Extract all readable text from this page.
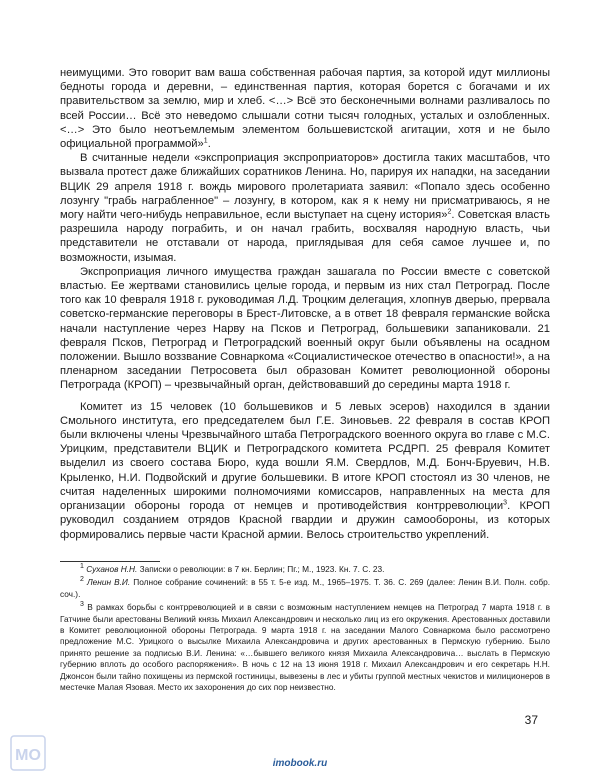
неимущими. Это говорит вам ваша собственная рабочая партия, за которой идут миллионы бедноты города и деревни, – единственная партия, которая борется с богачами и их правительством за землю, мир и хлеб. <…> Всё это бесконечными волнами разливалось по всей России… Всё это неведомо слышали сотни тысяч голодных, усталых и озлобленных. <…> Это было неотъемлемым элементом большевистской агитации, хотя и не было официальной программой»$^1$.

В считанные недели «экспроприация экспроприаторов» достигла таких масштабов, что вызвала протест даже ближайших соратников Ленина. Но, парируя их нападки, на заседании ВЦИК 29 апреля 1918 г. вождь мирового пролетариата заявил: «Попало здесь особенно лозунгу "грабь награбленное" – лозунгу, в котором, как я к нему ни присматриваюсь, я не могу найти чего-нибудь неправильное, если выступает на сцену история»$^2$. Советская власть разрешила народу пограбить, и он начал грабить, восхваляя народную власть, чьи представители не отставали от народа, приглядывая для себя самое лучшее и, по возможности, изымая.

Экспроприация личного имущества граждан зашагала по России вместе с советской властью. Ее жертвами становились целые города, и первым из них стал Петроград. После того как 10 февраля 1918 г. руководимая Л.Д. Троцким делегация, хлопнув дверью, прервала советско-германские переговоры в Брест-Литовске, а в ответ 18 февраля германские войска начали наступление через Нарву на Псков и Петроград, большевики запаниковали. 21 февраля Псков, Петроград и Петроградский военный округ были объявлены на осадном положении. Вышло воззвание Совнаркома «Социалистическое отечество в опасности!», а на пленарном заседании Петросовета был образован Комитет революционной обороны Петрограда (КРОП) – чрезвычайный орган, действовавший до середины марта 1918 г.

Комитет из 15 человек (10 большевиков и 5 левых эсеров) находился в здании Смольного института, его председателем был Г.Е. Зиновьев. 22 февраля в состав КРОП были включены члены Чрезвычайного штаба Петроградского военного округа во главе с М.С. Урицким, представители ВЦИК и Петроградского комитета РСДРП. 25 февраля Комитет выделил из своего состава Бюро, куда вошли Я.М. Свердлов, М.Д. Бонч-Бруевич, Н.В. Крыленко, Н.И. Подвойский и другие большевики. В итоге КРОП стостоял из 30 членов, не считая наделенных широкими полномочиями комиссаров, направленных на места для организации обороны города от немцев и противодействия контрреволюции$^3$. КРОП руководил созданием отрядов Красной гвардии и дружин самообороны, из которых формировались первые части Красной армии. Велось строительство укреплений.

$^1$ Суханов Н.Н. Записки о революции: в 7 кн. Берлин; Пг.; М., 1923. Кн. 7. С. 23.

$^2$ Ленин В.И. Полное собрание сочинений: в 55 т. 5-е изд. М., 1965–1975. Т. 36. С. 269 (далее: Ленин В.И. Полн. собр. соч.).

$^3$ В рамках борьбы с контрреволюцией и в связи с возможным наступлением немцев на Петроград 7 марта 1918 г. в Гатчине были арестованы Великий князь Михаил Александрович и несколько лиц из его окружения. Арестованных доставили в Комитет революционной обороны Петрограда. 9 марта 1918 г. на заседании Малого Совнаркома было рассмотрено предложение М.С. Урицкого о высылке Михаила Александровича и других арестованных в Пермскую губернию. Было принято решение за подписью В.И. Ленина: «…бывшего великого князя Михаила Александровича… выслать в Пермскую губернию вплоть до особого распоряжения». В ночь с 12 на 13 июня 1918 г. Михаил Александрович и его секретарь Н.Н. Джонсон были тайно похищены из пермской гостиницы, вывезены в лес и убиты группой местных чекистов и милиционеров в местечке Малая Язовая. Место их захоронения до сих пор неизвестно.

37
imobook.ru
МО
